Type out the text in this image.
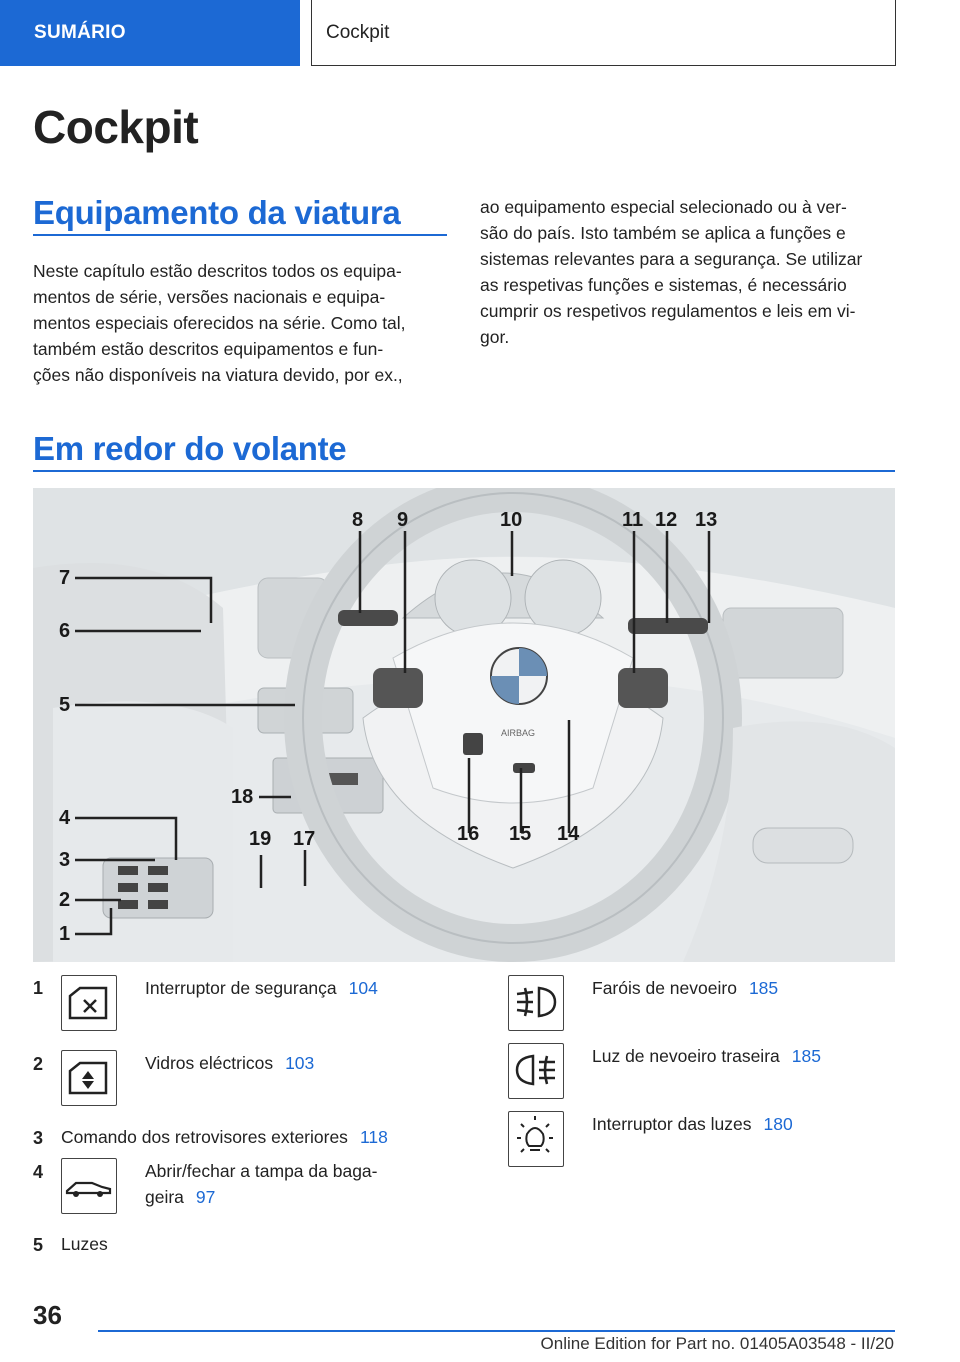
SUMÁRIO	Cockpit
Cockpit
Equipamento da viatura
Neste capítulo estão descritos todos os equipa-
mentos de série, versões nacionais e equipa-
mentos especiais oferecidos na série. Como tal,
também estão descritos equipamentos e fun-
ções não disponíveis na viatura devido, por ex.,
ao equipamento especial selecionado ou à ver-
são do país. Isto também se aplica a funções e
sistemas relevantes para a segurança. Se utilizar
as respetivas funções e sistemas, é necessário
cumprir os respetivos regulamentos e leis em vi-
gor.
Em redor do volante
AIRBAG
1
2
3
4
5
6
7
8 9	10	11 12 13
14
15
16
17
18
19
1	Interruptor de segurança 104
2	Vidros eléctricos 103
3 Comando dos retrovisores exteriores 118
4	Abrir/fechar a tampa da baga-
geira 97
5 Luzes
Faróis de nevoeiro 185
Luz de nevoeiro traseira 185
Interruptor das luzes 180
36
Online Edition for Part no. 01405A03548 - II/20
